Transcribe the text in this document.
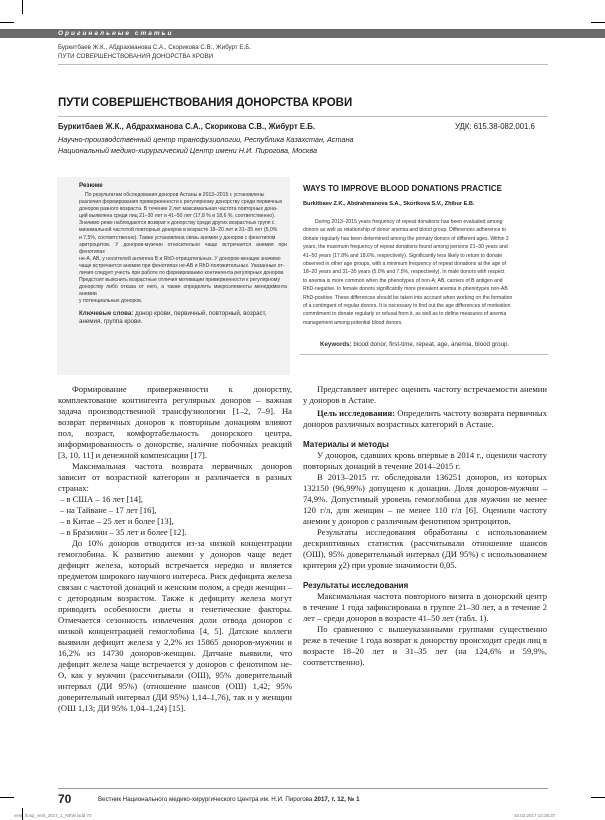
Оригинальные статьи
Буркитбаев Ж.К., Абдрахманова С.А., Скорикова С.В., Жибурт Е.Б.
ПУТИ СОВЕРШЕНСТВОВАНИЯ ДОНОРСТВА КРОВИ
ПУТИ СОВЕРШЕНСТВОВАНИЯ ДОНОРСТВА КРОВИ
Буркитбаев Ж.К., Абдрахманова С.А., Скорикова С.В., Жибурт Е.Б.	УДК: 615.38-082.001.6
Научно-производственный центр трансфузиологии, Республика Казахстан, Астана
Национальный медико-хирургический Центр имени Н.И. Пирогова, Москва
Резюме
По результатам обследования доноров Астаны в 2013–2015 г. установлены
различия формирования приверженности к регулярному донорству среди первичных
доноров разного возраста. В течение 2 лет максимальная частота повторных дона-
ций выявлена среди лиц 21–30 лет и 41–50 лет (17,8 % и 18,6 %, соответственно).
Значимо реже наблюдаются возврат к донорству среди других возрастных групп с
минимальной частотой повторных доноров в возрасте 18–20 лет и 31–35 лет (5,0%
и 7,5%, соответственно). Также установлена связь анемии у доноров с фенотипом
эритроцитов. У доноров-мужчин относительно чаще встречается анемия при фенотипах
не-А, АВ, у носителей антигена В и RhD-отрицательных. У доноров-женщин значимо
чаще встречается анемия при фенотипах не-АВ и RhD-положительных. Указанные от-
личия следует учесть при работе по формированию контингента регулярных доноров.
Предстоит выяснить возрастные отличия мотивации приверженности к регулярному
донорству либо отказа от него, а также определить микроэлементы менеджмента анемии
у потенциальных доноров.
Ключевые слова: донор крови, первичный, повторный, возраст,
анемия, группа крови.
WAYS TO IMPROVE BLOOD DONATIONS PRACTICE
Burkitbaev Z.K., Abdrahmanova S.A., Skorikova S.V., Zhibur E.B.
During 2013–2015 years frequency of repeat donations has been evaluated among
donors as well as relationship of donor anemia and blood group. Differences adherence to
donate regularly has been determined among the primary donors of different ages. Within 2
years, the maximum frequency of repeat donations found among persons 21–30 years and
41–50 years (17.8% and 18.6%, respectively). Significantly less likely to return to donate
observed in other age groups, with a minimum frequency of repeat donations at the age of
18–20 years and 31–35 years (5.0% and 7.5%, respectively). In male donors with respect
to anemia is more common when the phenotypes of non-A; AB, carriers of B antigen and
RhD-negative. In female donors significantly more prevalent anemia in phenotypes non-AB
RhD-positive. These differences should be taken into account when working on the formation
of a contingent of regular donors. It is necessary to find out the age differences of motivation
commitment to donate regularly or refusal from it, as well as to define measures of anemia
management among potential blood donors.
Keywords: blood donor, first-time, repeat, age, anemia, blood group.

Формирование приверженности к донорству, комплектование контингента регулярных доноров – важная задача производственной трансфузиологии [1–2, 7–9]. На возврат первичных доноров к повторным донациям влияют пол, возраст, комфортабельность донорского центра, информированность о донорстве, наличие побочных реакций [3, 10, 11] и денежной компенсации [17].

Максимальная частота возврата первичных доноров зависит от возрастной категории и различается в разных странах:

– в США – 16 лет [14],

– на Тайване – 17 лет [16],

– в Китае – 25 лет и более [13],

– в Бразилии – 35 лет и более [12].

До 10% доноров отводится из-за низкой концентрации гемоглобина. К развитию анемии у доноров чаще ведет дефицит железа, который встречается нередко и является предметом широкого научного интереса. Риск дефицита железа связан с частотой донаций и женским полом, а среди женщин – с детородным возрастом. Также к дефициту железа могут приводить особенности диеты и генетические факторы. Отмечается сезонность извлечения доли отвода доноров с низкой концентрацией гемоглобина [4, 5]. Датские коллеги выявили дефицит железа у 2,2% из 15865 доноров-мужчин и 16,2% из 14730 доноров-женщин. Датчане выявили, что дефицит железа чаще встречается у доноров с фенотипом не-О, как у мужчин (рассчитывали (ОШ), 95% доверительный интервал (ДИ 95%) (отношение шансов (ОШ) 1,42; 95% доверительный интервал (ДИ 95%) 1,14–1,76), так и у женщин (ОШ 1,13; ДИ 95% 1,04–1,24) [15].

Представляет интерес оценить частоту встречаемости анемии у доноров в Астане.

Цель исследования: Определить частоту возврата первичных доноров различных возрастных категорий в Астане.

Материалы и методы

У доноров, сдавших кровь впервые в 2014 г., оценили частоту повторных донаций в течение 2014–2015 г.

В 2013–2015 гг. обследовали 136251 доноров, из которых 132150 (96,99%) допущено к донации. Доля доноров-мужчин – 74,9%. Допустимый уровень гемоглобина для мужчин не менее 120 г/л, для женщин – не менее 110 г/л [6]. Оценили частоту анемии у доноров с различным фенотипом эритроцитов.

Результаты исследования обработаны с использованием дескриптивных статистик (рассчитывали отношение шансов (ОШ), 95% доверительный интервал (ДИ 95%) с использованием критерия χ2) при уровне значимости 0,05.

Результаты исследования

Максимальная частота повторного визита в донорский центр в течение 1 года зафиксирована в группе 21–30 лет, а в течение 2 лет – среди доноров в возрасте 41–50 лет (табл. 1).

По сравнению с вышеуказанными группами существенно реже в течение 1 года возврат к донорству происходит среди лиц в возрасте 18–20 лет и 31–35 лет (на 124,6% и 59,9%, соответственно).

70	Вестник Национального медико-хирургического Центра им. Н.И. Пирогова 2017, т. 12, № 1
vest_hosp_vest_2017_1_NEW.indd 70	10.02.2017 14:35:37
